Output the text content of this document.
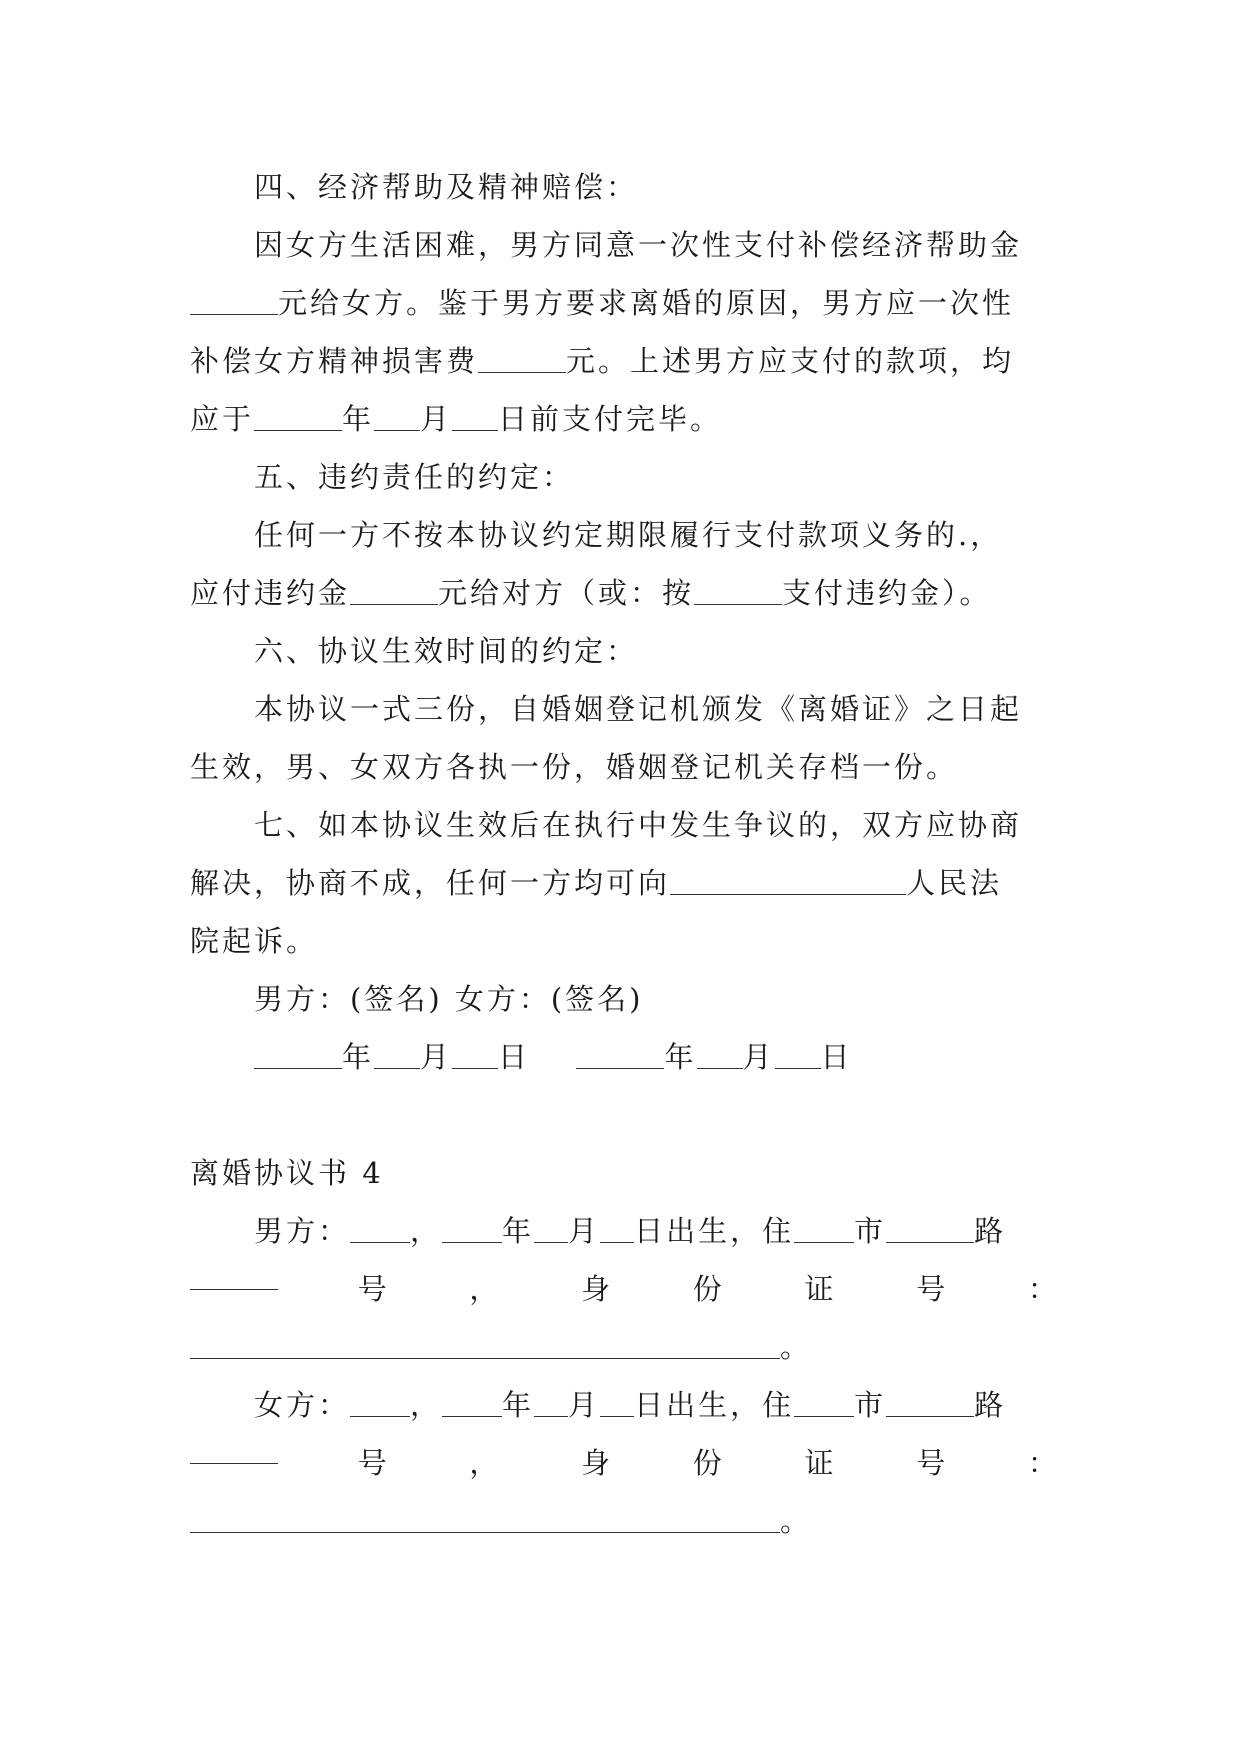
四、经济帮助及精神赔偿：
因女方生活困难，男方同意一次性支付补偿经济帮助金
元给女方。鉴于男方要求离婚的原因，男方应一次性
补偿女方精神损害费	元。上述男方应支付的款项，均
应于	年 月 日前支付完毕。
五、违约责任的约定：
任何一方不按本协议约定期限履行支付款项义务的.，
应付违约金	元给对方（或：按	支付违约金）。
六、协议生效时间的约定：
本协议一式三份，自婚姻登记机颁发《离婚证》之日起
生效，男、女双方各执一份，婚姻登记机关存档一份。
七、如本协议生效后在执行中发生争议的，双方应协商
解决，协商不成，任何一方均可向	人民法
院起诉。
男方：(签名) 女方：(签名)
年 月 日	年 月 日
离婚协议书 4
男方： ， 年 月 日出生，住 市	路
号	，	身	份	证	号	：
。
女方： ， 年 月 日出生，住 市	路
号	，	身	份	证	号	：
。
